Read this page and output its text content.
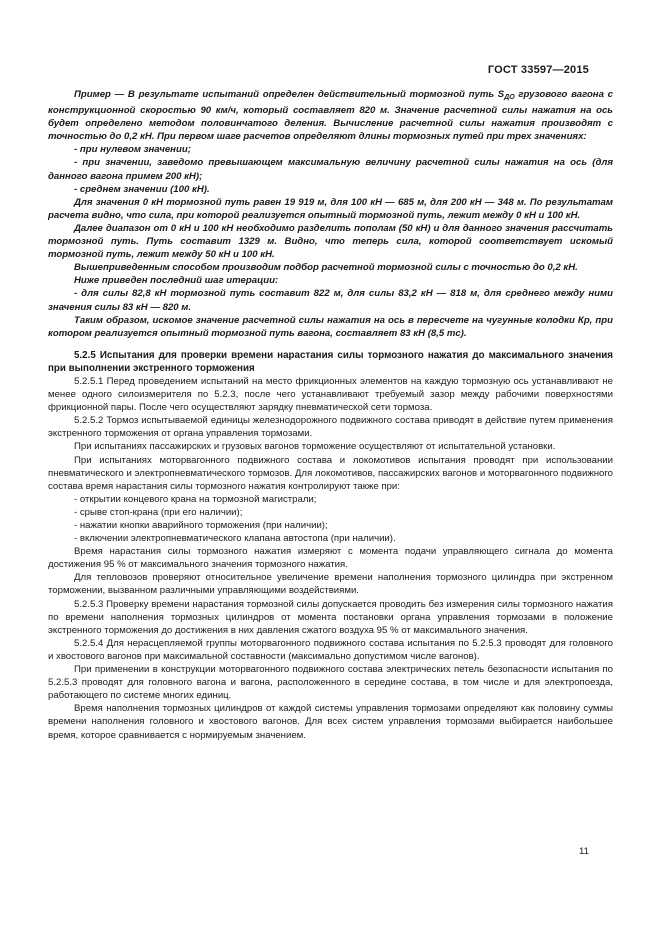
ГОСТ 33597—2015

Пример — В результате испытаний определен действительный тормозной путь $S_{ДО}$ грузового вагона с конструкционной скоростью 90 км/ч, который составляет 820 м. Значение расчетной силы нажатия на ось будет определено методом половинчатого деления. Вычисление расчетной силы нажатия производят с точностью до 0,2 кН. При первом шаге расчетов определяют длины тормозных путей при трех значениях:

- при нулевом значении;

- при значении, заведомо превышающем максимальную величину расчетной силы нажатия на ось (для данного вагона примем 200 кН);

- среднем значении (100 кН).

Для значения 0 кН тормозной путь равен 19 919 м, для 100 кН — 685 м, для 200 кН — 348 м. По результатам расчета видно, что сила, при которой реализуется опытный тормозной путь, лежит между 0 кН и 100 кН.

Далее диапазон от 0 кН и 100 кН необходимо разделить пополам (50 кН) и для данного значения рассчитать тормозной путь. Путь составит 1329 м. Видно, что теперь сила, которой соответствует искомый тормозной путь, лежит между 50 кН и 100 кН.

Вышеприведенным способом производим подбор расчетной тормозной силы с точностью до 0,2 кН.

Ниже приведен последний шаг итерации:

- для силы 82,8 кН тормозной путь составит 822 м, для силы 83,2 кН — 818 м, для среднего между ними значения силы 83 кН — 820 м.

Таким образом, искомое значение расчетной силы нажатия на ось в пересчете на чугунные колодки Кр, при котором реализуется опытный тормозной путь вагона, составляет 83 кН (8,5 тс).

5.2.5 Испытания для проверки времени нарастания силы тормозного нажатия до максимального значения при выполнении экстренного торможения

5.2.5.1 Перед проведением испытаний на место фрикционных элементов на каждую тормозную ось устанавливают не менее одного силоизмерителя по 5.2.3, после чего устанавливают требуемый зазор между рабочими поверхностями фрикционной пары. После чего осуществляют зарядку пневматической сети тормоза.

5.2.5.2 Тормоз испытываемой единицы железнодорожного подвижного состава приводят в действие путем применения экстренного торможения от органа управления тормозами.

При испытаниях пассажирских и грузовых вагонов торможение осуществляют от испытательной установки.

При испытаниях моторвагонного подвижного состава и локомотивов испытания проводят при использовании пневматического и электропневматического тормозов. Для локомотивов, пассажирских вагонов и моторвагонного подвижного состава время нарастания силы тормозного нажатия контролируют также при:

- открытии концевого крана на тормозной магистрали;

- срыве стоп-крана (при его наличии);

- нажатии кнопки аварийного торможения (при наличии);

- включении электропневматического клапана автостопа (при наличии).

Время нарастания силы тормозного нажатия измеряют с момента подачи управляющего сигнала до момента достижения 95 % от максимального значения тормозного нажатия.

Для тепловозов проверяют относительное увеличение времени наполнения тормозного цилиндра при экстренном торможении, вызванном различными управляющими воздействиями.

5.2.5.3 Проверку времени нарастания тормозной силы допускается проводить без измерения силы тормозного нажатия по времени наполнения тормозных цилиндров от момента постановки органа управления тормозами в положение экстренного торможения до достижения в них давления сжатого воздуха 95 % от максимального значения.

5.2.5.4 Для нерасцепляемой группы моторвагонного подвижного состава испытания по 5.2.5.3 проводят для головного и хвостового вагонов при максимальной составности (максимально допустимом числе вагонов).

При применении в конструкции моторвагонного подвижного состава электрических петель безопасности испытания по 5.2.5.3 проводят для головного вагона и вагона, расположенного в середине состава, в том числе и для электропоезда, работающего по системе многих единиц.

Время наполнения тормозных цилиндров от каждой системы управления тормозами определяют как половину суммы времени наполнения головного и хвостового вагонов. Для всех систем управления тормозами выбирается наибольшее время, которое сравнивается с нормируемым значением.

11
